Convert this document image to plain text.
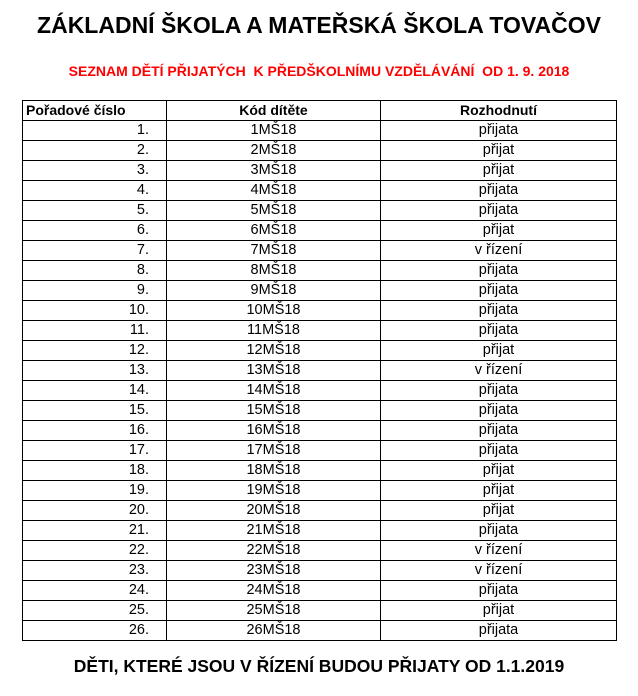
ZÁKLADNÍ ŠKOLA A MATEŘSKÁ ŠKOLA TOVAČOV
SEZNAM DĚTÍ PŘIJATÝCH  K PŘEDŠKOLNÍMU VZDĚLÁVÁNÍ  OD 1. 9. 2018
Pořadové číslo	Kód dítěte	Rozhodnutí
1.	1MŠ18	přijata
2.	2MŠ18	přijat
3.	3MŠ18	přijat
4.	4MŠ18	přijata
5.	5MŠ18	přijata
6.	6MŠ18	přijat
7.	7MŠ18	v řízení
8.	8MŠ18	přijata
9.	9MŠ18	přijata
10.	10MŠ18	přijata
11.	11MŠ18	přijata
12.	12MŠ18	přijat
13.	13MŠ18	v řízení
14.	14MŠ18	přijata
15.	15MŠ18	přijata
16.	16MŠ18	přijata
17.	17MŠ18	přijata
18.	18MŠ18	přijat
19.	19MŠ18	přijat
20.	20MŠ18	přijat
21.	21MŠ18	přijata
22.	22MŠ18	v řízení
23.	23MŠ18	v řízení
24.	24MŠ18	přijata
25.	25MŠ18	přijat
26.	26MŠ18	přijata
DĚTI, KTERÉ JSOU V ŘÍZENÍ BUDOU PŘIJATY OD 1.1.2019
